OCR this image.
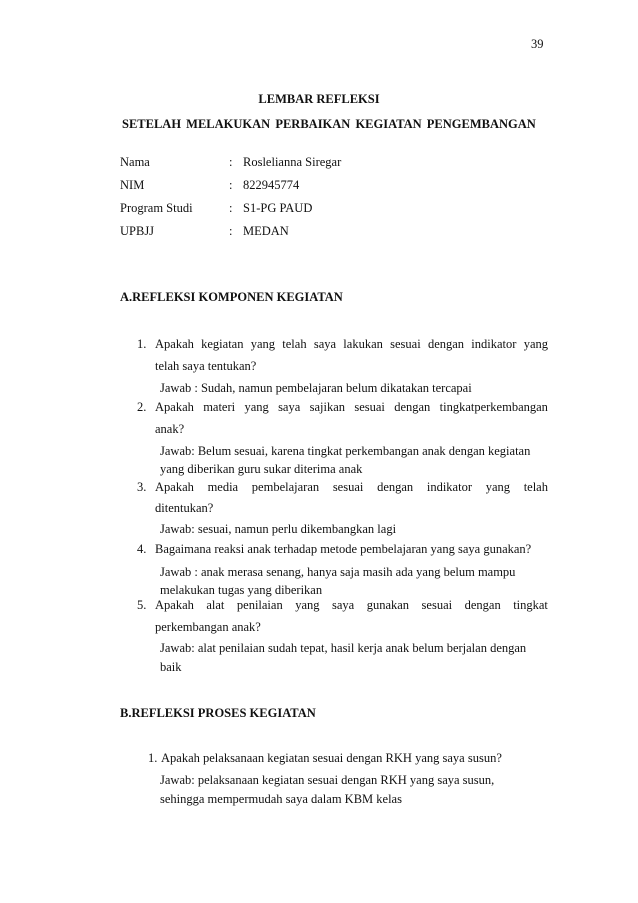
39
LEMBAR REFLEKSI
SETELAH MELAKUKAN PERBAIKAN KEGIATAN PENGEMBANGAN
Nama	: Roslelianna Siregar
NIM	: 822945774
Program Studi	: S1-PG PAUD
UPBJJ	: MEDAN
A.REFLEKSI KOMPONEN KEGIATAN
1. Apakah kegiatan yang telah saya lakukan sesuai dengan indikator yang
telah saya tentukan?
Jawab : Sudah, namun pembelajaran belum dikatakan tercapai
2. Apakah materi yang saya sajikan sesuai dengan tingkatperkembangan
anak?
Jawab: Belum sesuai, karena tingkat perkembangan anak dengan kegiatan
yang diberikan guru sukar diterima anak
3. Apakah media pembelajaran sesuai dengan indikator yang telah
ditentukan?
Jawab: sesuai, namun perlu dikembangkan lagi
4. Bagaimana reaksi anak terhadap metode pembelajaran yang saya gunakan?
Jawab : anak merasa senang, hanya saja masih ada yang belum mampu
melakukan tugas yang diberikan
5. Apakah alat penilaian yang saya gunakan sesuai dengan tingkat
perkembangan anak?
Jawab: alat penilaian sudah tepat, hasil kerja anak belum berjalan dengan
baik
B.REFLEKSI PROSES KEGIATAN
1. Apakah pelaksanaan kegiatan sesuai dengan RKH yang saya susun?
Jawab: pelaksanaan kegiatan sesuai dengan RKH yang saya susun,
sehingga mempermudah saya dalam KBM kelas
